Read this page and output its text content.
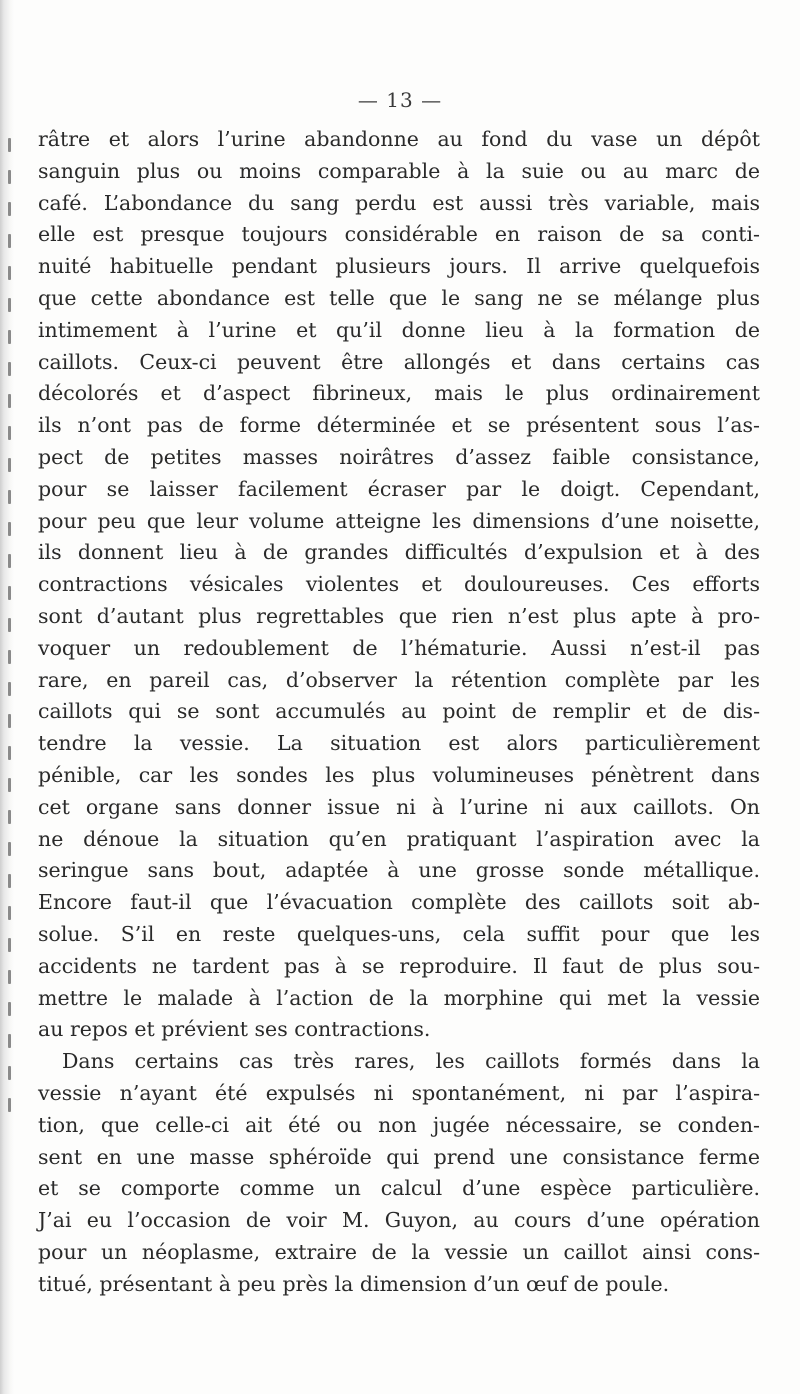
— 13 —
râtre et alors l’urine abandonne au fond du vase un dépôt
sanguin plus ou moins comparable à la suie ou au marc de
café. L’abondance du sang perdu est aussi très variable, mais
elle est presque toujours considérable en raison de sa conti-
nuité habituelle pendant plusieurs jours. Il arrive quelquefois
que cette abondance est telle que le sang ne se mélange plus
intimement à l’urine et qu’il donne lieu à la formation de
caillots. Ceux-ci peuvent être allongés et dans certains cas
décolorés et d’aspect fibrineux, mais le plus ordinairement
ils n’ont pas de forme déterminée et se présentent sous l’as-
pect de petites masses noirâtres d’assez faible consistance,
pour se laisser facilement écraser par le doigt. Cependant,
pour peu que leur volume atteigne les dimensions d’une noisette,
ils donnent lieu à de grandes difficultés d’expulsion et à des
contractions vésicales violentes et douloureuses. Ces efforts
sont d’autant plus regrettables que rien n’est plus apte à pro-
voquer un redoublement de l’hématurie. Aussi n’est-il pas
rare, en pareil cas, d’observer la rétention complète par les
caillots qui se sont accumulés au point de remplir et de dis-
tendre la vessie. La situation est alors particulièrement
pénible, car les sondes les plus volumineuses pénètrent dans
cet organe sans donner issue ni à l’urine ni aux caillots. On
ne dénoue la situation qu’en pratiquant l’aspiration avec la
seringue sans bout, adaptée à une grosse sonde métallique.
Encore faut-il que l’évacuation complète des caillots soit ab-
solue. S’il en reste quelques-uns, cela suffit pour que les
accidents ne tardent pas à se reproduire. Il faut de plus sou-
mettre le malade à l’action de la morphine qui met la vessie
au repos et prévient ses contractions.
Dans certains cas très rares, les caillots formés dans la
vessie n’ayant été expulsés ni spontanément, ni par l’aspira-
tion, que celle-ci ait été ou non jugée nécessaire, se conden-
sent en une masse sphéroïde qui prend une consistance ferme
et se comporte comme un calcul d’une espèce particulière.
J’ai eu l’occasion de voir M. Guyon, au cours d’une opération
pour un néoplasme, extraire de la vessie un caillot ainsi cons-
titué, présentant à peu près la dimension d’un œuf de poule.
